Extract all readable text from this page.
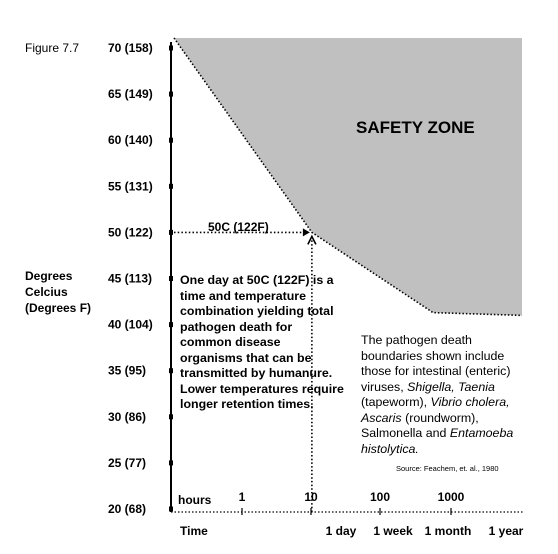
70 (158)
65 (149)
60 (140)
55 (131)
50 (122)
45 (113)
40 (104)
35 (95)
30 (86)
25 (77)
20 (68)
hours 1	10	100	1000
Time	1 day 1 week 1 month 1 year
Figure 7.7
Degrees
Celcius
(Degrees F)
SAFETY ZONE
50C (122F)
One day at 50C (122F) is a time and temperature combination yielding total pathogen death for common disease organisms that can be transmitted by humanure. Lower temperatures require longer retention times.
The pathogen death boundaries shown include those for intestinal (enteric) viruses, Shigella, Taenia (tapeworm), Vibrio cholera, Ascaris (roundworm), Salmonella and Entamoeba histolytica.
Source: Feachem, et. al., 1980
